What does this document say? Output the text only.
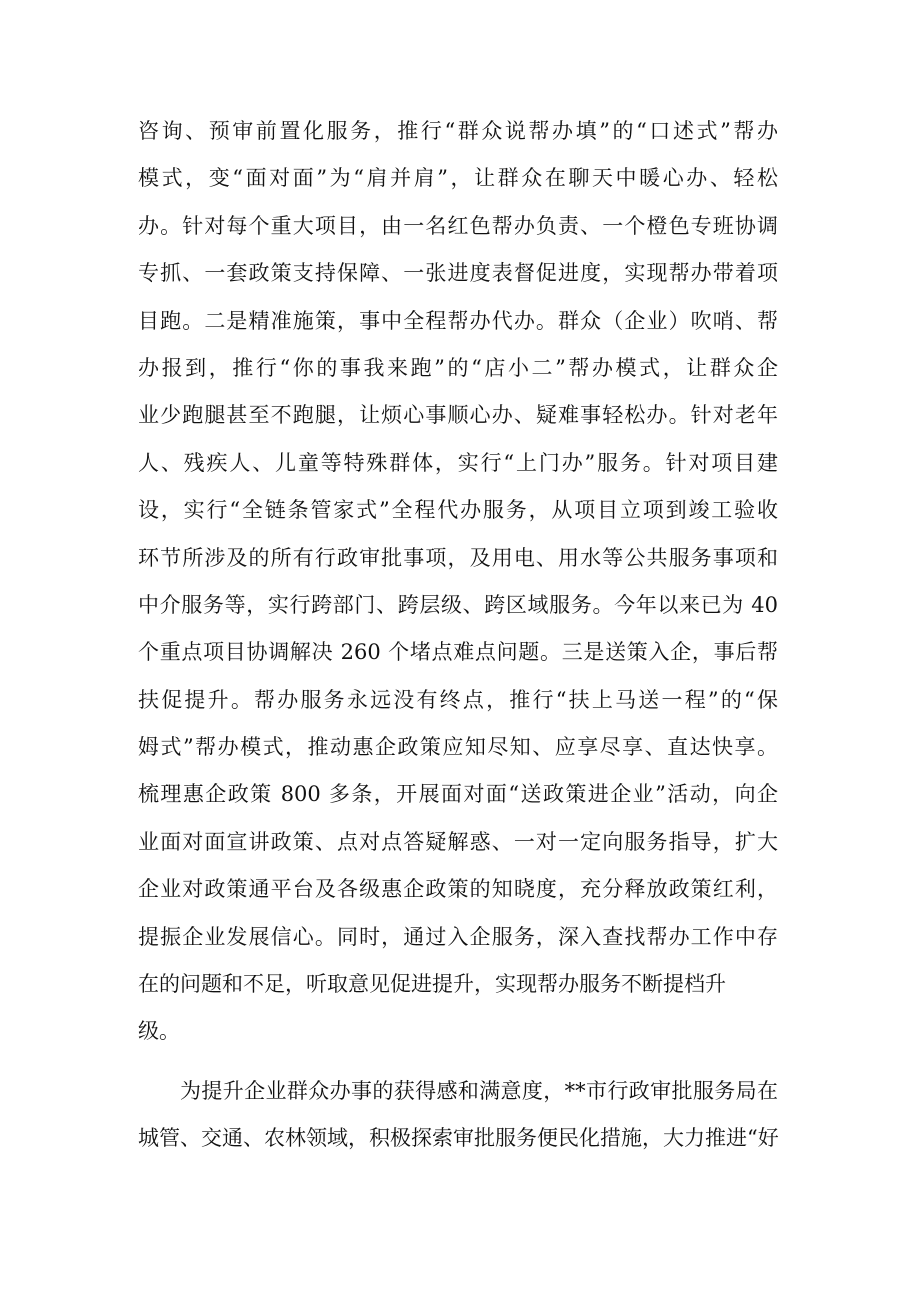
咨询、预审前置化服务，推行“群众说帮办填”的“口述式”帮办
模式，变“面对面”为“肩并肩”，让群众在聊天中暖心办、轻松
办。针对每个重大项目，由一名红色帮办负责、一个橙色专班协调
专抓、一套政策支持保障、一张进度表督促进度，实现帮办带着项
目跑。二是精准施策，事中全程帮办代办。群众（企业）吹哨、帮
办报到，推行“你的事我来跑”的“店小二”帮办模式，让群众企
业少跑腿甚至不跑腿，让烦心事顺心办、疑难事轻松办。针对老年
人、残疾人、儿童等特殊群体，实行“上门办”服务。针对项目建
设，实行“全链条管家式”全程代办服务，从项目立项到竣工验收
环节所涉及的所有行政审批事项，及用电、用水等公共服务事项和
中介服务等，实行跨部门、跨层级、跨区域服务。今年以来已为 40
个重点项目协调解决 260 个堵点难点问题。三是送策入企，事后帮
扶促提升。帮办服务永远没有终点，推行“扶上马送一程”的“保
姆式”帮办模式，推动惠企政策应知尽知、应享尽享、直达快享。
梳理惠企政策 800 多条，开展面对面“送政策进企业”活动，向企
业面对面宣讲政策、点对点答疑解惑、一对一定向服务指导，扩大
企业对政策通平台及各级惠企政策的知晓度，充分释放政策红利，
提振企业发展信心。同时，通过入企服务，深入查找帮办工作中存
在的问题和不足，听取意见促进提升，实现帮办服务不断提档升
级。
为提升企业群众办事的获得感和满意度，**市行政审批服务局在
城管、交通、农林领域，积极探索审批服务便民化措施，大力推进“好
